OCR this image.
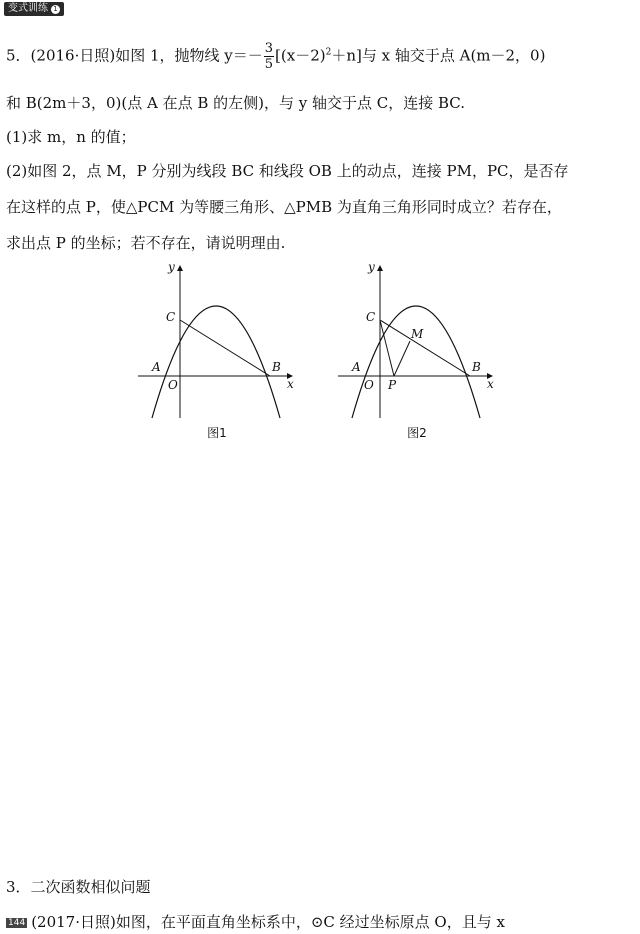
变式训练 1
5．(2016·日照)如图 1，抛物线 $y=- \frac{3}{5} [(x-2)^2+n]$与 x 轴交于点 A(m－2，0)
和 B(2m＋3，0)(点 A 在点 B 的左侧)，与 y 轴交于点 C，连接 BC.
(1)求 m，n 的值；
(2)如图 2，点 M，P 分别为线段 BC 和线段 OB 上的动点，连接 PM，PC，是否存
在这样的点 P，使△PCM 为等腰三角形、△PMB 为直角三角形同时成立？若存在，
求出点 P 的坐标；若不存在，请说明理由.
y
x
C
A
O
B
图1
y
x
C
A
O
B
M
P
图2
3．二次函数相似问题
144 (2017·日照)如图，在平面直角坐标系中，⊙C 经过坐标原点 O，且与 x
